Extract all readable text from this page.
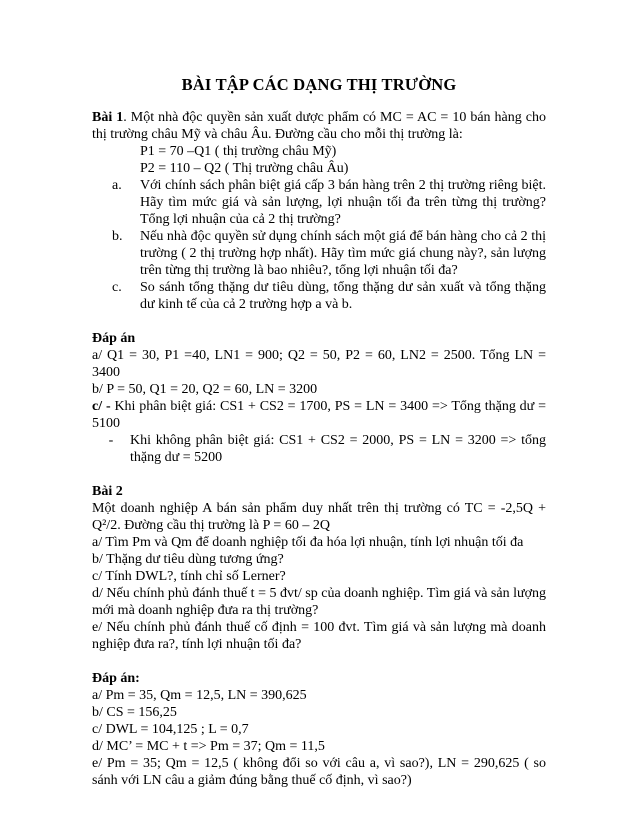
BÀI TẬP CÁC DẠNG THỊ TRƯỜNG

Bài 1. Một nhà độc quyền sản xuất dược phẩm có MC = AC = 10 bán hàng cho thị trường châu Mỹ và châu Âu. Đường cầu cho mỗi thị trường là:

P1 = 70 –Q1 ( thị trường châu Mỹ)

P2 = 110 – Q2 ( Thị trường châu Âu)

a.	Với chính sách phân biệt giá cấp 3 bán hàng trên 2 thị trường riêng biệt. Hãy tìm mức giá và sản lượng, lợi nhuận tối đa trên từng thị trường? Tổng lợi nhuận của cả 2 thị trường?
b.	Nếu nhà độc quyền sử dụng chính sách một giá để bán hàng cho cả 2 thị trường ( 2 thị trường hợp nhất). Hãy tìm mức giá chung này?, sản lượng trên từng thị trường là bao nhiêu?, tổng lợi nhuận tối đa?
c.	So sánh tổng thặng dư tiêu dùng, tổng thặng dư sản xuất và tổng thặng dư kinh tế của cả 2 trường hợp a và b.

Đáp án

a/ Q1 = 30, P1 =40, LN1 = 900; Q2 = 50, P2 = 60, LN2 = 2500. Tổng LN = 3400

b/ P = 50, Q1 = 20, Q2 = 60, LN = 3200

c/ - Khi phân biệt giá: CS1 + CS2 = 1700, PS = LN = 3400 => Tổng thặng dư = 5100

-	Khi không phân biệt giá: CS1 + CS2 = 2000, PS = LN = 3200 => tổng thặng dư = 5200

Bài 2

Một doanh nghiệp A bán sản phẩm duy nhất trên thị trường có TC = -2,5Q + Q²/2. Đường cầu thị trường là P = 60 – 2Q

a/ Tìm Pm và Qm để doanh nghiệp tối đa hóa lợi nhuận, tính lợi nhuận tối đa

b/ Thặng dư tiêu dùng tương ứng?

c/ Tính DWL?, tính chỉ số Lerner?

d/ Nếu chính phủ đánh thuế t = 5 đvt/ sp của doanh nghiệp. Tìm giá và sản lượng mới mà doanh nghiệp đưa ra thị trường?

e/ Nếu chính phủ đánh thuế cố định = 100 đvt. Tìm giá và sản lượng mà doanh nghiệp đưa ra?, tính lợi nhuận tối đa?

Đáp án:

a/ Pm = 35, Qm = 12,5, LN = 390,625

b/ CS = 156,25

c/ DWL = 104,125 ; L = 0,7

d/ MC’ = MC + t => Pm = 37; Qm = 11,5

e/ Pm = 35; Qm = 12,5 ( không đổi so với câu a, vì sao?), LN = 290,625 ( so sánh với LN câu a giảm đúng bằng thuế cố định, vì sao?)
